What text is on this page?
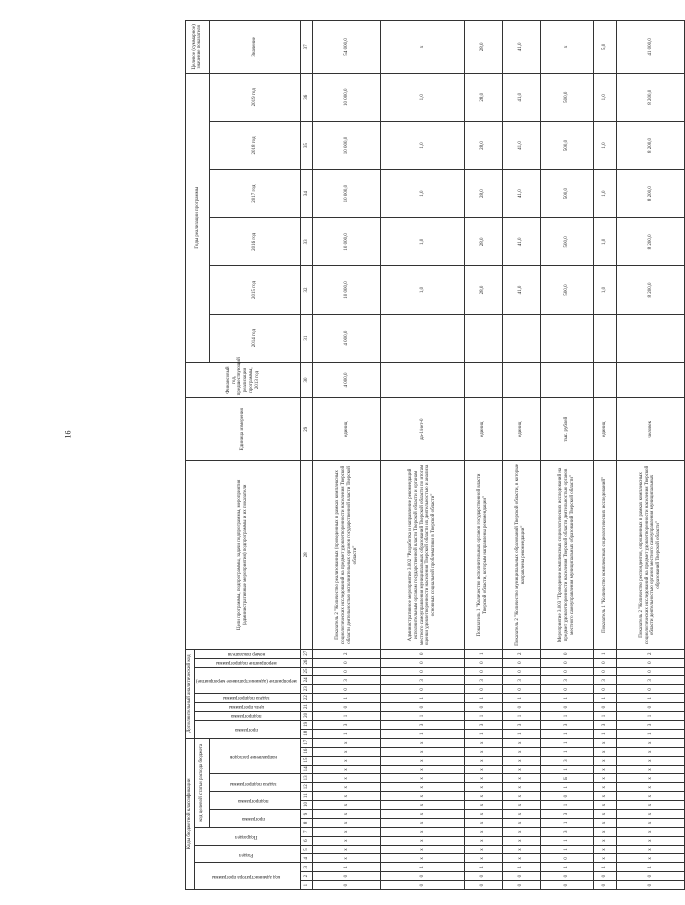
16
Коды бюджетной классификации																	Дополнительный аналитический код										Цели программы, подпрограммы, задачи подпрограммы, мероприятия (административные мероприятия) подпрограммы и их показатели	Единица измерения	Финансовый год, предшествующий реализации программы, 2013 год	Годы реализации программы						Целевое (суммарное) значение показателя
код администратора программы			Раздел		Подраздел		код целевой статьи расхода бюджета										программа		подпрограмма	цель программы	задача подпрограммы	мероприятие (административное мероприятие)			мероприятие подпрограммы	номер показателя										
							программа		подпрограмма		задача подпрограммы		направление расходов																	2014 год	2015 год	2016 год	2017 год	2018 год	2019 год	Значение
1	2	3	4	5	6	7	8	9	10	11	12	13	14	15	16	17	18	19	20	21	22	23	24	25	26	27	28	29	30	31	32	33	34	35	36	37
0	0	1	x	x	x	x	x	x	x	x	x	x	x	x	x	x	1	3	1	0	1	0	3	0	0	2	Показатель 2 "Количество реализованных (проведенных в рамках комплексных социологических исследований на предмет удовлетворенности населения Тверской области деятельностью исполнительных органов государственной власти Тверской области"	единиц	4 000,0	4 000,0	10 000,0	10 000,0	10 000,0	10 000,0	10 000,0	54 000,0
0	0	1	x	x	x	x	x	x	x	x	x	x	x	x	x	x	1	3	1	0	1	0	3	0	0	0	Административное мероприятие 3.002 "Разработка и направление рекомендаций исполнительным органам государственной власти Тверской области и органам местного самоуправления муниципальных образований Тверской области по итогам оценки удовлетворенности населения Тверской области их деятельностью и анализа основных социальной проблематики в Тверской области"	да-1/нет-0			1,0	1,0	1,0	1,0	1,0	x
0	0	1	x	x	x	x	x	x	x	x	x	x	x	x	x	x	1	3	1	0	1	0	3	0	0	1	Показатель 1 "Количество исполнительных органов государственной власти Тверской области, которым направлены рекомендации"	единиц			28,0	28,0	28,0	28,0	28,0	28,0
0	0	1	x	x	x	x	x	x	x	x	x	x	x	x	x	x	1	3	1	0	1	0	3	0	0	2	Показатель 2 "Количество муниципальных образований Тверской области, в которые направлены рекомендации"	единиц			41,0	41,0	41,0	41,0	41,0	41,0
0	0	1	0	1	1	3	1	3	1	0	1	Б	1	3	1	1	1	3	1	0	1	0	3	0	0	0	Мероприятие 3.003 "Проведение комплексных социологических исследований на предмет удовлетворенности населения Тверской области деятельностью органов местного самоуправления муниципальных образований Тверской области"	тыс. рублей			500,0	500,0	500,0	500,0	500,0	x
0	0	1	x	x	x	x	x	x	x	x	x	x	x	x	x	x	1	3	1	0	1	0	3	0	0	1	Показатель 1 "Количество комплексных социологических исследований"	единиц			1,0	1,0	1,0	1,0	1,0	5,0
0	0	1	x	x	x	x	x	x	x	x	x	x	x	x	x	x	1	3	1	0	1	0	3	0	0	2	Показатель 2 "Количество респондентов, опрошенных в рамках комплексных социологических исследований на предмет удовлетворенности населения Тверской области деятельностью органов местного самоуправления муниципальных образований Тверской области"	человек			8 200,0	8 200,0	8 200,0	8 200,0	8 200,0	41 000,0
